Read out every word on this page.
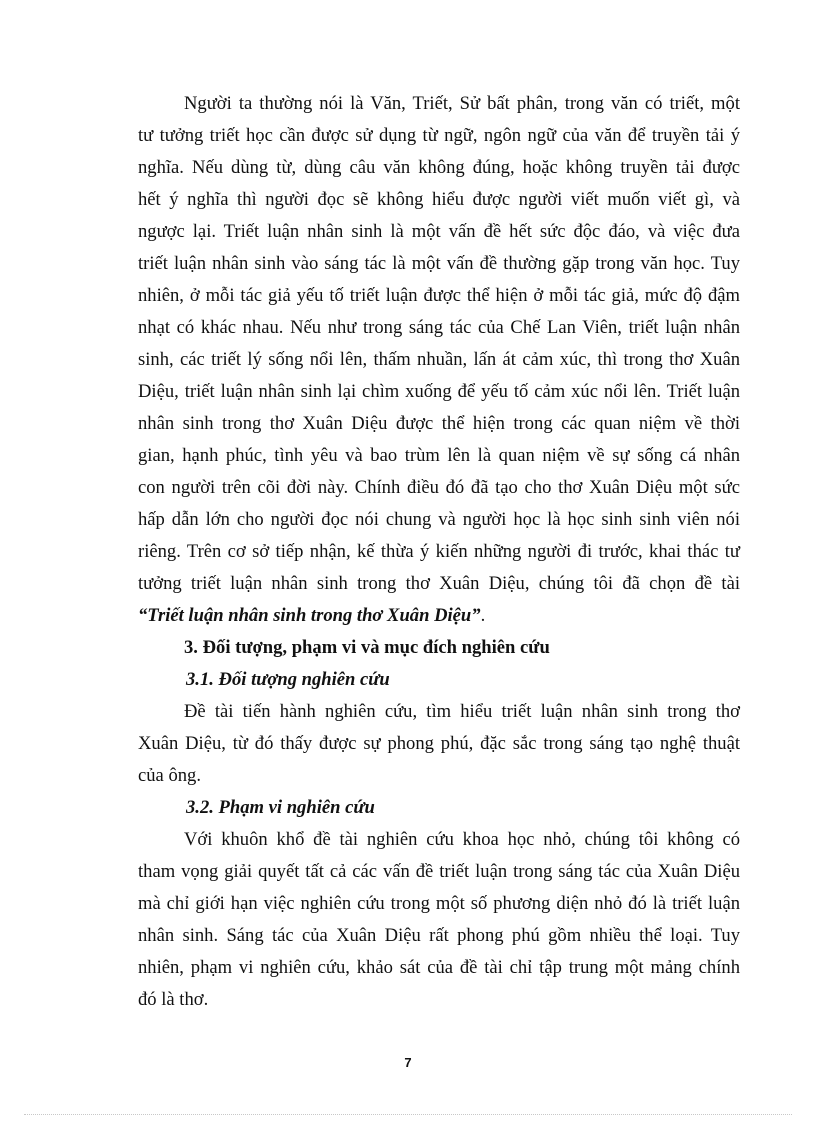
Người ta thường nói là Văn, Triết, Sử bất phân, trong văn có triết, một
tư tưởng triết học cần được sử dụng từ ngữ, ngôn ngữ của văn để truyền tải ý
nghĩa. Nếu dùng từ, dùng câu văn không đúng, hoặc không truyền tải được
hết ý nghĩa thì người đọc sẽ không hiểu được người viết muốn viết gì, và
ngược lại. Triết luận nhân sinh là một vấn đề hết sức độc đáo, và việc đưa
triết luận nhân sinh vào sáng tác là một vấn đề thường gặp trong văn học. Tuy
nhiên, ở mỗi tác giả yếu tố triết luận được thể hiện ở mỗi tác giả, mức độ đậm
nhạt có khác nhau. Nếu như trong sáng tác của Chế Lan Viên, triết luận nhân
sinh, các triết lý sống nổi lên, thấm nhuần, lấn át cảm xúc, thì trong thơ Xuân
Diệu, triết luận nhân sinh lại chìm xuống để yếu tố cảm xúc nổi lên. Triết luận
nhân sinh trong thơ Xuân Diệu được thể hiện trong các quan niệm về thời
gian, hạnh phúc, tình yêu và bao trùm lên là quan niệm về sự sống cá nhân
con người trên cõi đời này. Chính điều đó đã tạo cho thơ Xuân Diệu một sức
hấp dẫn lớn cho người đọc nói chung và người học là học sinh sinh viên nói
riêng. Trên cơ sở tiếp nhận, kế thừa ý kiến những người đi trước, khai thác tư
tưởng triết luận nhân sinh trong thơ Xuân Diệu, chúng tôi đã chọn đề tài
“Triết luận nhân sinh trong thơ Xuân Diệu”.
3. Đối tượng, phạm vi và mục đích nghiên cứu
3.1. Đối tượng nghiên cứu
Đề tài tiến hành nghiên cứu, tìm hiểu triết luận nhân sinh trong thơ
Xuân Diệu, từ đó thấy được sự phong phú, đặc sắc trong sáng tạo nghệ thuật
của ông.
3.2. Phạm vi nghiên cứu
Với khuôn khổ đề tài nghiên cứu khoa học nhỏ, chúng tôi không có
tham vọng giải quyết tất cả các vấn đề triết luận trong sáng tác của Xuân Diệu
mà chỉ giới hạn việc nghiên cứu trong một số phương diện nhỏ đó là triết luận
nhân sinh. Sáng tác của Xuân Diệu rất phong phú gồm nhiều thể loại. Tuy
nhiên, phạm vi nghiên cứu, khảo sát của đề tài chỉ tập trung một mảng chính
đó là thơ.
7
